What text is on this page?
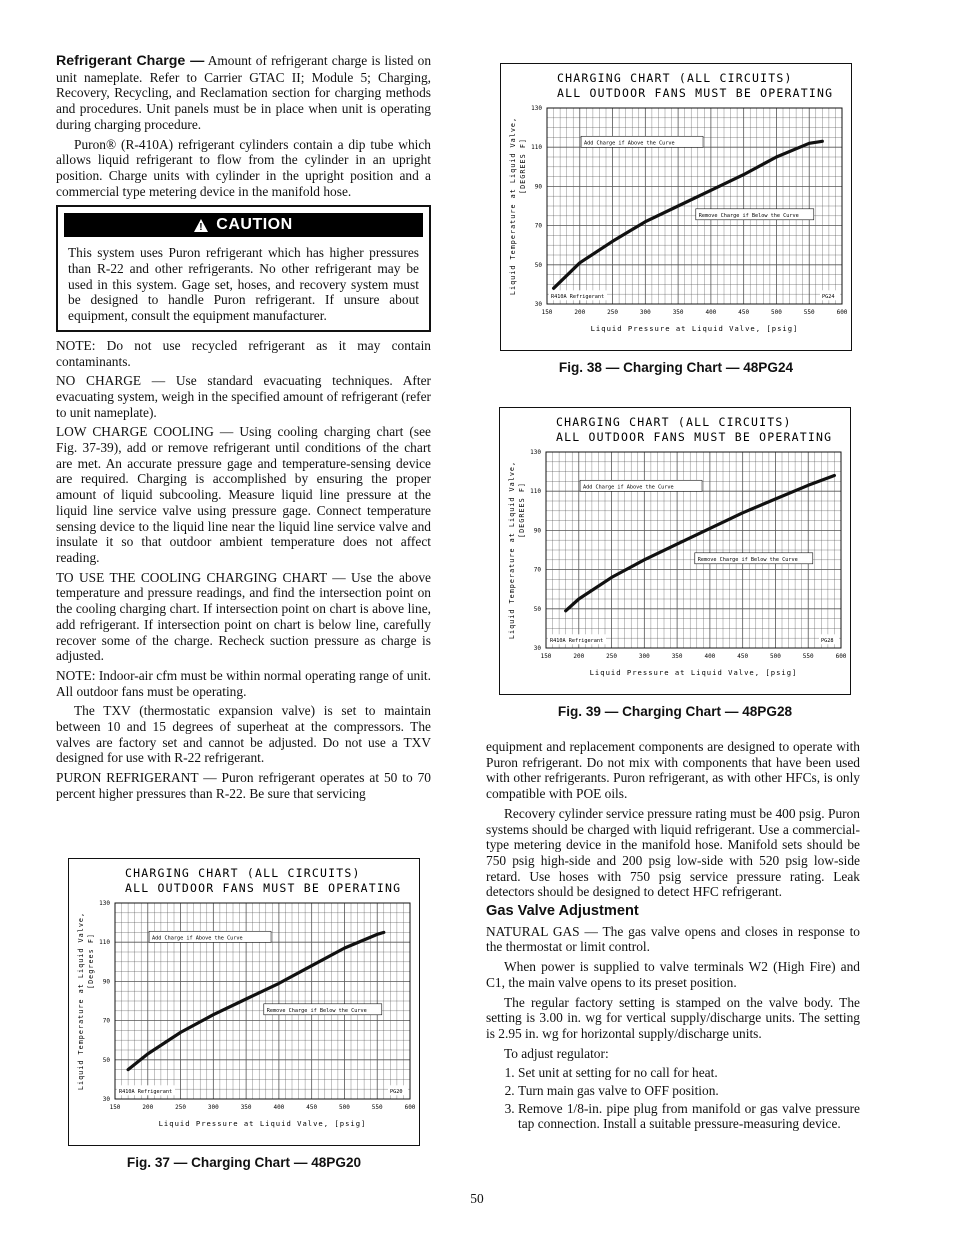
Refrigerant Charge — Amount of refrigerant charge is listed on unit nameplate. Refer to Carrier GTAC II; Module 5; Charging, Recovery, Recycling, and Reclamation section for charging methods and procedures. Unit panels must be in place when unit is operating during charging procedure.

Puron® (R-410A) refrigerant cylinders contain a dip tube which allows liquid refrigerant to flow from the cylinder in an upright position. Charge units with cylinder in the upright position and a commercial type metering device in the manifold hose.

!
CAUTION
This system uses Puron refrigerant which has higher pressures than R-22 and other refrigerants. No other refrigerant may be used in this system. Gage set, hoses, and recovery system must be designed to handle Puron refrigerant. If unsure about equipment, consult the equipment manufacturer.

NOTE: Do not use recycled refrigerant as it may contain contaminants.

NO CHARGE — Use standard evacuating techniques. After evacuating system, weigh in the specified amount of refrigerant (refer to unit nameplate).

LOW CHARGE COOLING — Using cooling charging chart (see Fig. 37-39), add or remove refrigerant until conditions of the chart are met. An accurate pressure gage and temperature-sensing device are required. Charging is accomplished by ensuring the proper amount of liquid subcooling. Measure liquid line pressure at the liquid line service valve using pressure gage. Connect temperature sensing device to the liquid line near the liquid line service valve and insulate it so that outdoor ambient temperature does not affect reading.

TO USE THE COOLING CHARGING CHART — Use the above temperature and pressure readings, and find the intersection point on the cooling charging chart. If intersection point on chart is above line, add refrigerant. If intersection point on chart is below line, carefully recover some of the charge. Recheck suction pressure as charge is adjusted.

NOTE: Indoor-air cfm must be within normal operating range of unit. All outdoor fans must be operating.

The TXV (thermostatic expansion valve) is set to maintain between 10 and 15 degrees of superheat at the compressors. The valves are factory set and cannot be adjusted. Do not use a TXV designed for use with R-22 refrigerant.

PURON REFRIGERANT — Puron refrigerant operates at 50 to 70 percent higher pressures than R-22. Be sure that servicing

CHARGING CHART (ALL CIRCUITS)
ALL OUTDOOR FANS MUST BE OPERATING
Add Charge if Above the Curve
Remove Charge if Below the Curve
R410A Refrigerant	PG20
150	200	250	300	350	400	450	500	550	600
30
50
70
90
110
130
Liquid Pressure at Liquid Valve, [psig]
Liquid Temperature at Liquid Valve, [Degrees F]
Fig. 37 — Charging Chart — 48PG20
CHARGING CHART (ALL CIRCUITS)
ALL OUTDOOR FANS MUST BE OPERATING
Add Charge if Above the Curve
Remove Charge if Below the Curve
R410A Refrigerant	PG24
150	200	250	300	350	400	450	500	550	600
30
50
70
90
110
130
Liquid Pressure at Liquid Valve, [psig]
Liquid Temperature at Liquid Valve, [DEGREES F]
Fig. 38 — Charging Chart — 48PG24
CHARGING CHART (ALL CIRCUITS)
ALL OUTDOOR FANS MUST BE OPERATING
Add Charge if Above the Curve
Remove Charge if Below the Curve
R410A Refrigerant	PG28
150	200	250	300	350	400	450	500	550	600
30
50
70
90
110
130
Liquid Pressure at Liquid Valve, [psig]
Liquid Temperature at Liquid Valve, [DEGREES F]
Fig. 39 — Charging Chart — 48PG28

equipment and replacement components are designed to operate with Puron refrigerant. Do not mix with components that have been used with other refrigerants. Puron refrigerant, as with other HFCs, is only compatible with POE oils.

Recovery cylinder service pressure rating must be 400 psig. Puron systems should be charged with liquid refrigerant. Use a commercial-type metering device in the manifold hose. Manifold sets should be 750 psig high-side and 200 psig low-side with 520 psig low-side retard. Use hoses with 750 psig service pressure rating. Leak detectors should be designed to detect HFC refrigerant.

Gas Valve Adjustment

NATURAL GAS — The gas valve opens and closes in response to the thermostat or limit control.

When power is supplied to valve terminals W2 (High Fire) and C1, the main valve opens to its preset position.

The regular factory setting is stamped on the valve body. The setting is 3.00 in. wg for vertical supply/discharge units. The setting is 2.95 in. wg for horizontal supply/discharge units.

To adjust regulator:

1. Set unit at setting for no call for heat.
2. Turn main gas valve to OFF position.
3. Remove 1/8-in. pipe plug from manifold or gas valve pressure tap connection. Install a suitable pressure-measuring device.
50
